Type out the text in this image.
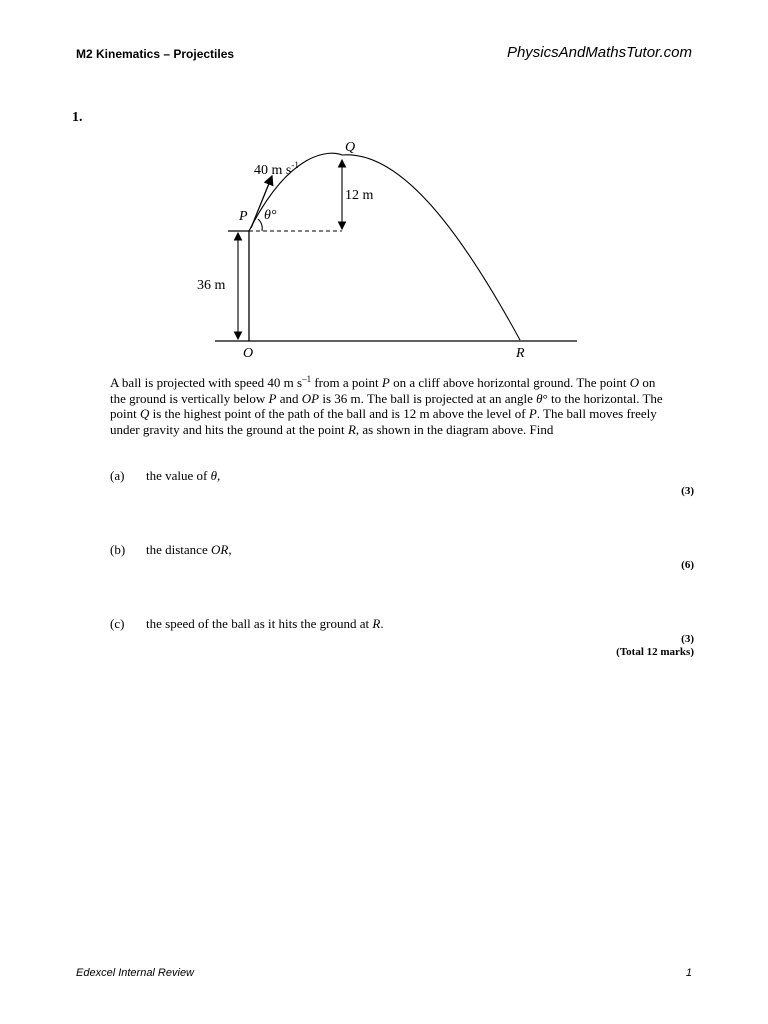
M2 Kinematics – Projectiles	PhysicsAndMathsTutor.com
1.
40 m $s^{-1}$
Q
P θ°
12 m
36 m
O	R
A ball is projected with speed 40 m $s^{-1}$ from a point P on a cliff above horizontal ground. The point O on the ground is vertically below P and OP is 36 m. The ball is projected at an angle θ° to the horizontal. The point Q is the highest point of the path of the ball and is 12 m above the level of P. The ball moves freely under gravity and hits the ground at the point R, as shown in the diagram above. Find
(a) the value of θ,
(3)
(b) the distance OR,
(6)
(c) the speed of the ball as it hits the ground at R.
(3)
(Total 12 marks)
Edexcel Internal Review	1
